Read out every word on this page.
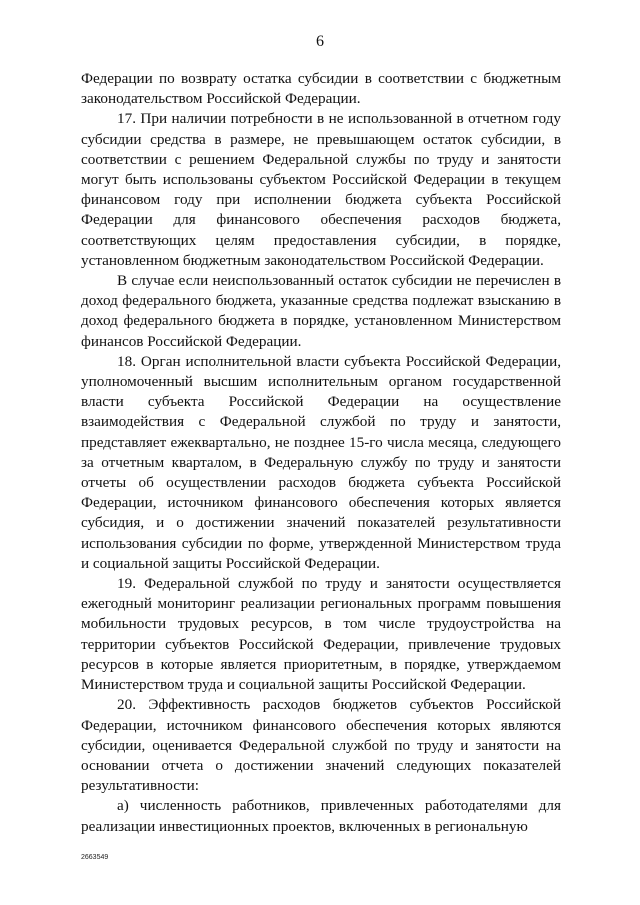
6

Федерации по возврату остатка субсидии в соответствии с бюджетным законодательством Российской Федерации.

17. При наличии потребности в не использованной в отчетном году субсидии средства в размере, не превышающем остаток субсидии, в соответствии с решением Федеральной службы по труду и занятости могут быть использованы субъектом Российской Федерации в текущем финансовом году при исполнении бюджета субъекта Российской Федерации для финансового обеспечения расходов бюджета, соответствующих целям предоставления субсидии, в порядке, установленном бюджетным законодательством Российской Федерации.

В случае если неиспользованный остаток субсидии не перечислен в доход федерального бюджета, указанные средства подлежат взысканию в доход федерального бюджета в порядке, установленном Министерством финансов Российской Федерации.

18. Орган исполнительной власти субъекта Российской Федерации, уполномоченный высшим исполнительным органом государственной власти субъекта Российской Федерации на осуществление взаимодействия с Федеральной службой по труду и занятости, представляет ежеквартально, не позднее 15-го числа месяца, следующего за отчетным кварталом, в Федеральную службу по труду и занятости отчеты об осуществлении расходов бюджета субъекта Российской Федерации, источником финансового обеспечения которых является субсидия, и о достижении значений показателей результативности использования субсидии по форме, утвержденной Министерством труда и социальной защиты Российской Федерации.

19. Федеральной службой по труду и занятости осуществляется ежегодный мониторинг реализации региональных программ повышения мобильности трудовых ресурсов, в том числе трудоустройства на территории субъектов Российской Федерации, привлечение трудовых ресурсов в которые является приоритетным, в порядке, утверждаемом Министерством труда и социальной защиты Российской Федерации.

20. Эффективность расходов бюджетов субъектов Российской Федерации, источником финансового обеспечения которых являются субсидии, оценивается Федеральной службой по труду и занятости на основании отчета о достижении значений следующих показателей результативности:

а) численность работников, привлеченных работодателями для реализации инвестиционных проектов, включенных в региональную

2663549
